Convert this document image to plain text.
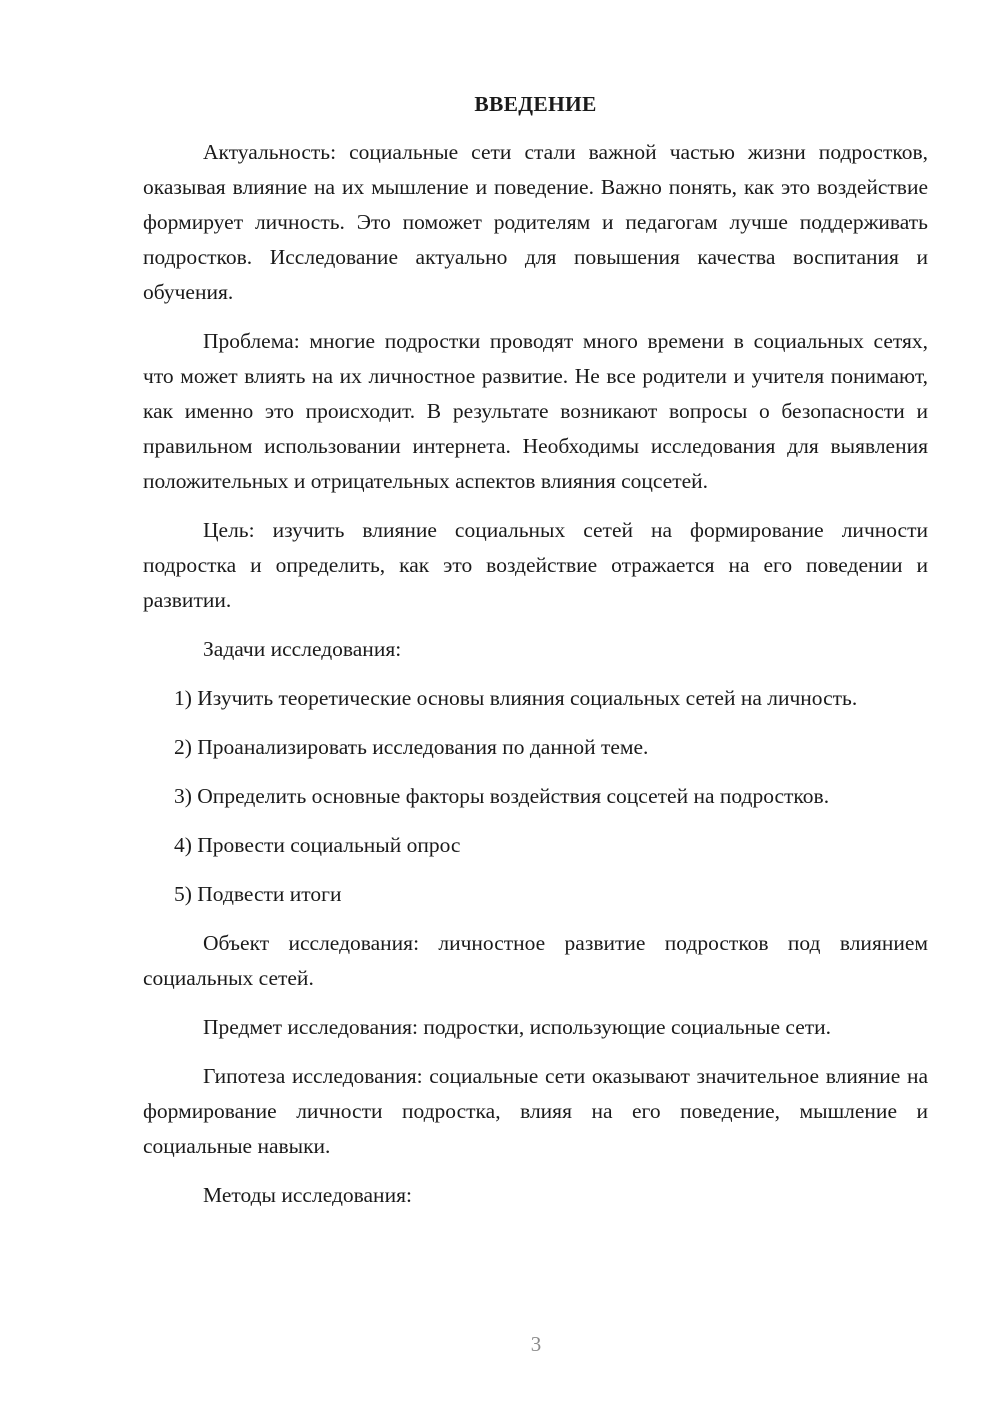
ВВЕДЕНИЕ

Актуальность: социальные сети стали важной частью жизни подростков, оказывая влияние на их мышление и поведение. Важно понять, как это воздействие формирует личность. Это поможет родителям и педагогам лучше поддерживать подростков. Исследование актуально для повышения качества воспитания и обучения.

Проблема: многие подростки проводят много времени в социальных сетях, что может влиять на их личностное развитие. Не все родители и учителя понимают, как именно это происходит. В результате возникают вопросы о безопасности и правильном использовании интернета. Необходимы исследования для выявления положительных и отрицательных аспектов влияния соцсетей.

Цель: изучить влияние социальных сетей на формирование личности подростка и определить, как это воздействие отражается на его поведении и развитии.

Задачи исследования:

1) Изучить теоретические основы влияния социальных сетей на личность.

2) Проанализировать исследования по данной теме.

3) Определить основные факторы воздействия соцсетей на подростков.

4) Провести социальный опрос

5) Подвести итоги

Объект исследования: личностное развитие подростков под влиянием социальных сетей.

Предмет исследования: подростки, использующие социальные сети.

Гипотеза исследования: социальные сети оказывают значительное влияние на формирование личности подростка, влияя на его поведение, мышление и социальные навыки.

Методы исследования:

3
